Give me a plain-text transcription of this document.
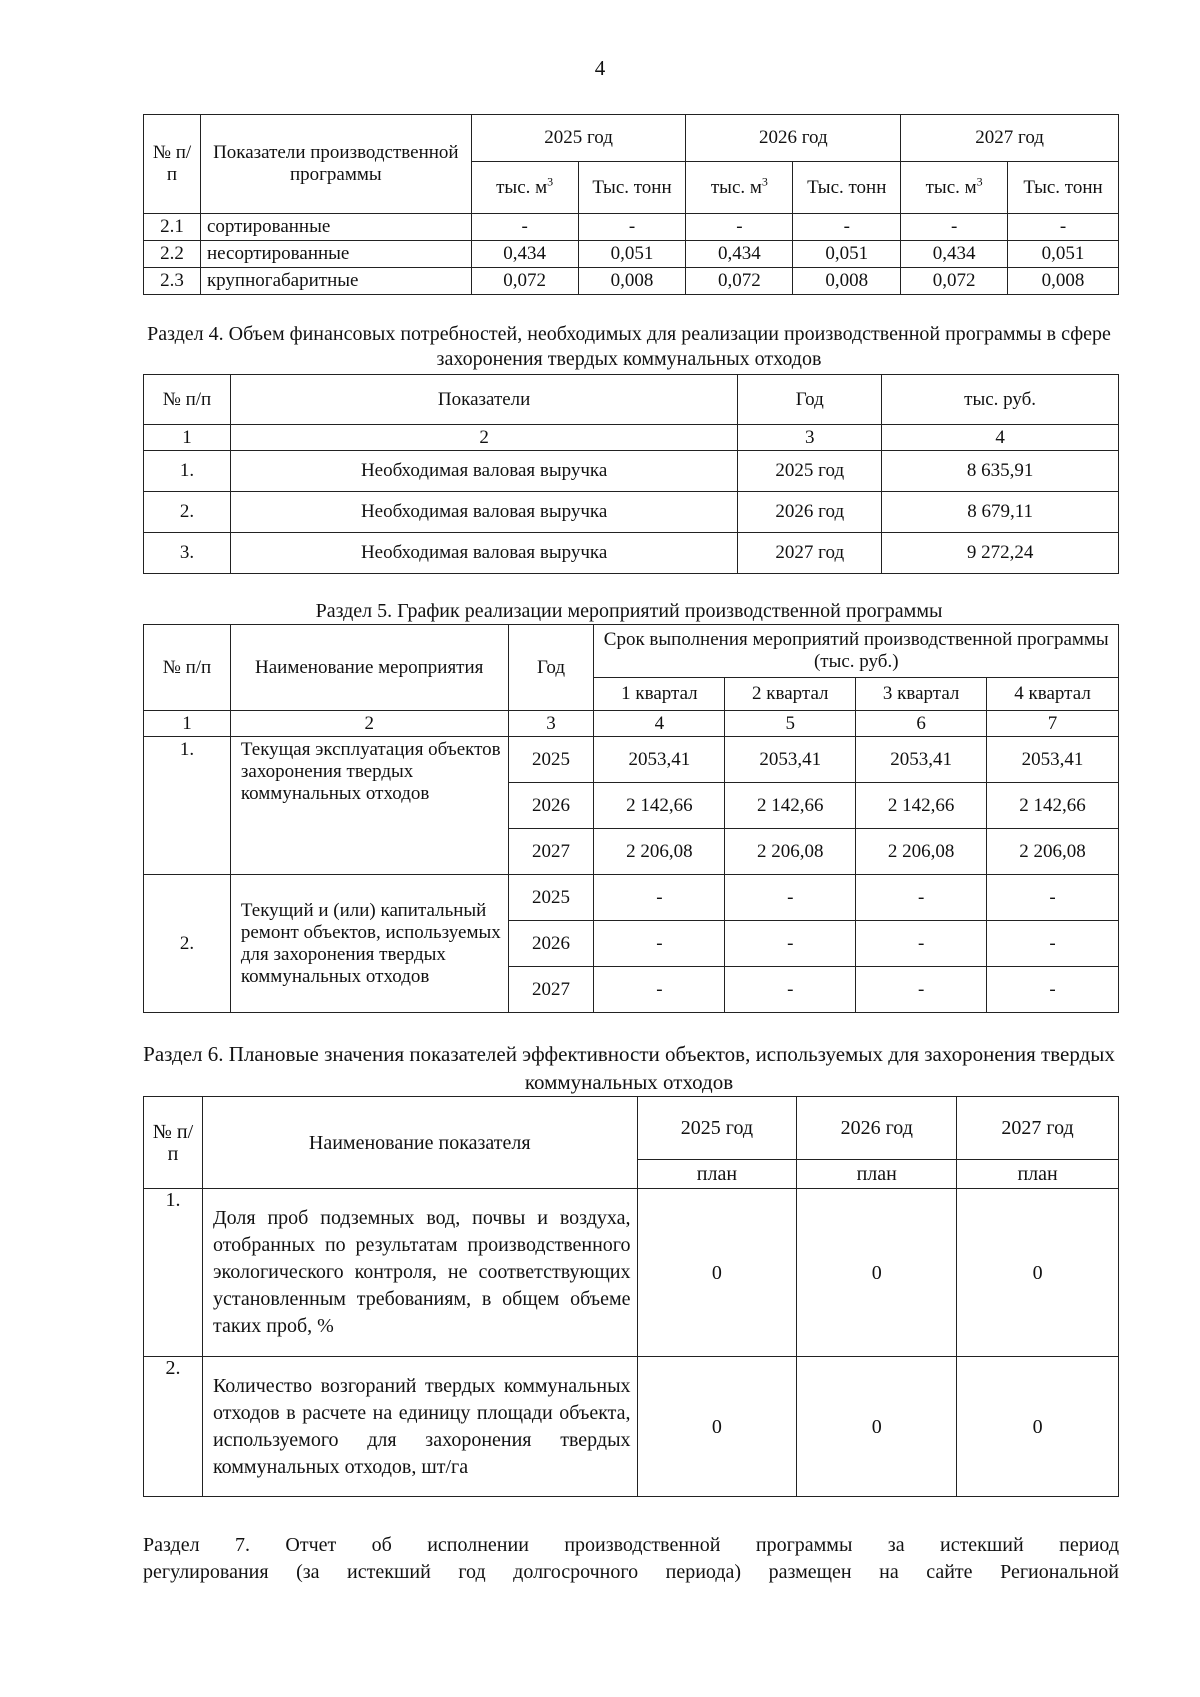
4
№ п/п	Показатели производственной программы	2025 год		2026 год		2027 год	
		тыс. $м^3$	Тыс. тонн	тыс. $м^3$	Тыс. тонн	тыс. $м^3$	Тыс. тонн
2.1	сортированные	-	-	-	-	-	-
2.2	несортированные	0,434	0,051	0,434	0,051	0,434	0,051
2.3	крупногабаритные	0,072	0,008	0,072	0,008	0,072	0,008
Раздел 4. Объем финансовых потребностей, необходимых для реализации производственной программы в сфере захоронения твердых коммунальных отходов
№ п/п	Показатели	Год	тыс. руб.
1	2	3	4
1.	Необходимая валовая выручка	2025 год	8 635,91
2.	Необходимая валовая выручка	2026 год	8 679,11
3.	Необходимая валовая выручка	2027 год	9 272,24
Раздел 5. График реализации мероприятий производственной программы
№ п/п	Наименование мероприятия	Год	Срок выполнения мероприятий производственной программы (тыс. руб.)			
			1 квартал	2 квартал	3 квартал	4 квартал
1	2	3	4	5	6	7
1.	Текущая эксплуатация объектов захоронения твердых коммунальных отходов	2025	2053,41	2053,41	2053,41	2053,41
		2026	2 142,66	2 142,66	2 142,66	2 142,66
		2027	2 206,08	2 206,08	2 206,08	2 206,08
2.	Текущий и (или) капитальный ремонт объектов, используемых для захоронения твердых коммунальных отходов	2025	-	-	-	-
		2026	-	-	-	-
		2027	-	-	-	-
Раздел 6. Плановые значения показателей эффективности объектов, используемых для захоронения твердых коммунальных отходов
№ п/п	Наименование показателя	2025 год	2026 год	2027 год
		план	план	план
1.	Доля проб подземных вод, почвы и воздуха, отобранных по результатам производственного экологического контроля, не соответствующих установленным требованиям, в общем объеме таких проб, %	0	0	0
2.	Количество возгораний твердых коммунальных отходов в расчете на единицу площади объекта, используемого для захоронения твердых коммунальных отходов, шт/га	0	0	0
Раздел 7. Отчет об исполнении производственной программы за истекший период
регулирования (за истекший год долгосрочного периода) размещен на сайте Региональной
